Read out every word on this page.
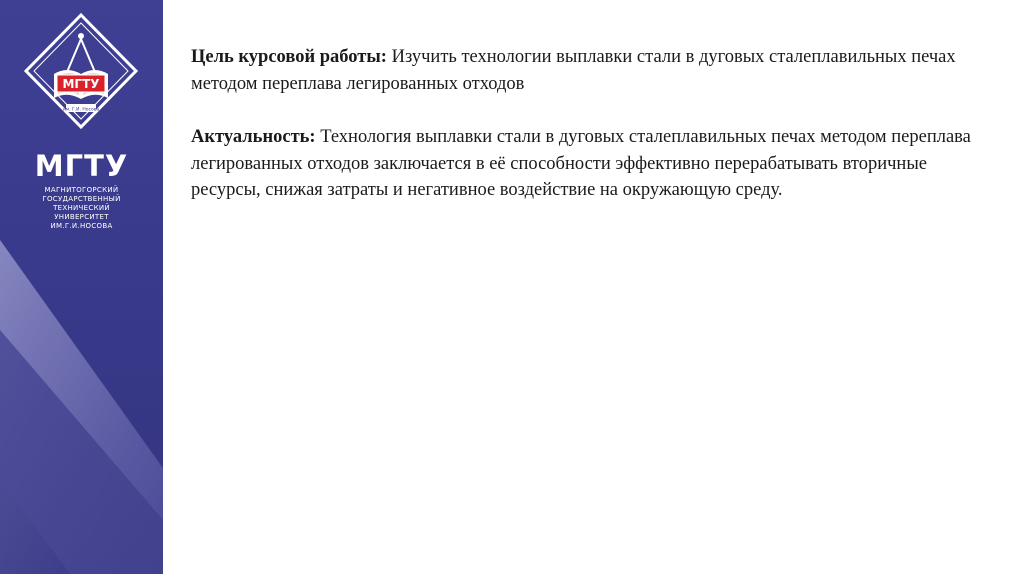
МГТУ
им. Г.И. Носова
МГТУ
МАГНИТОГОРСКИЙ
ГОСУДАРСТВЕННЫЙ
ТЕХНИЧЕСКИЙ
УНИВЕРСИТЕТ
ИМ.Г.И.НОСОВА

Цель курсовой работы: Изучить технологии выплавки стали в дуговых сталеплавильных печах методом переплава легированных отходов

Актуальность: Технология выплавки стали в дуговых сталеплавильных печах методом переплава легированных отходов заключается в её способности эффективно перерабатывать вторичные ресурсы, снижая затраты и негативное воздействие на окружающую среду.
